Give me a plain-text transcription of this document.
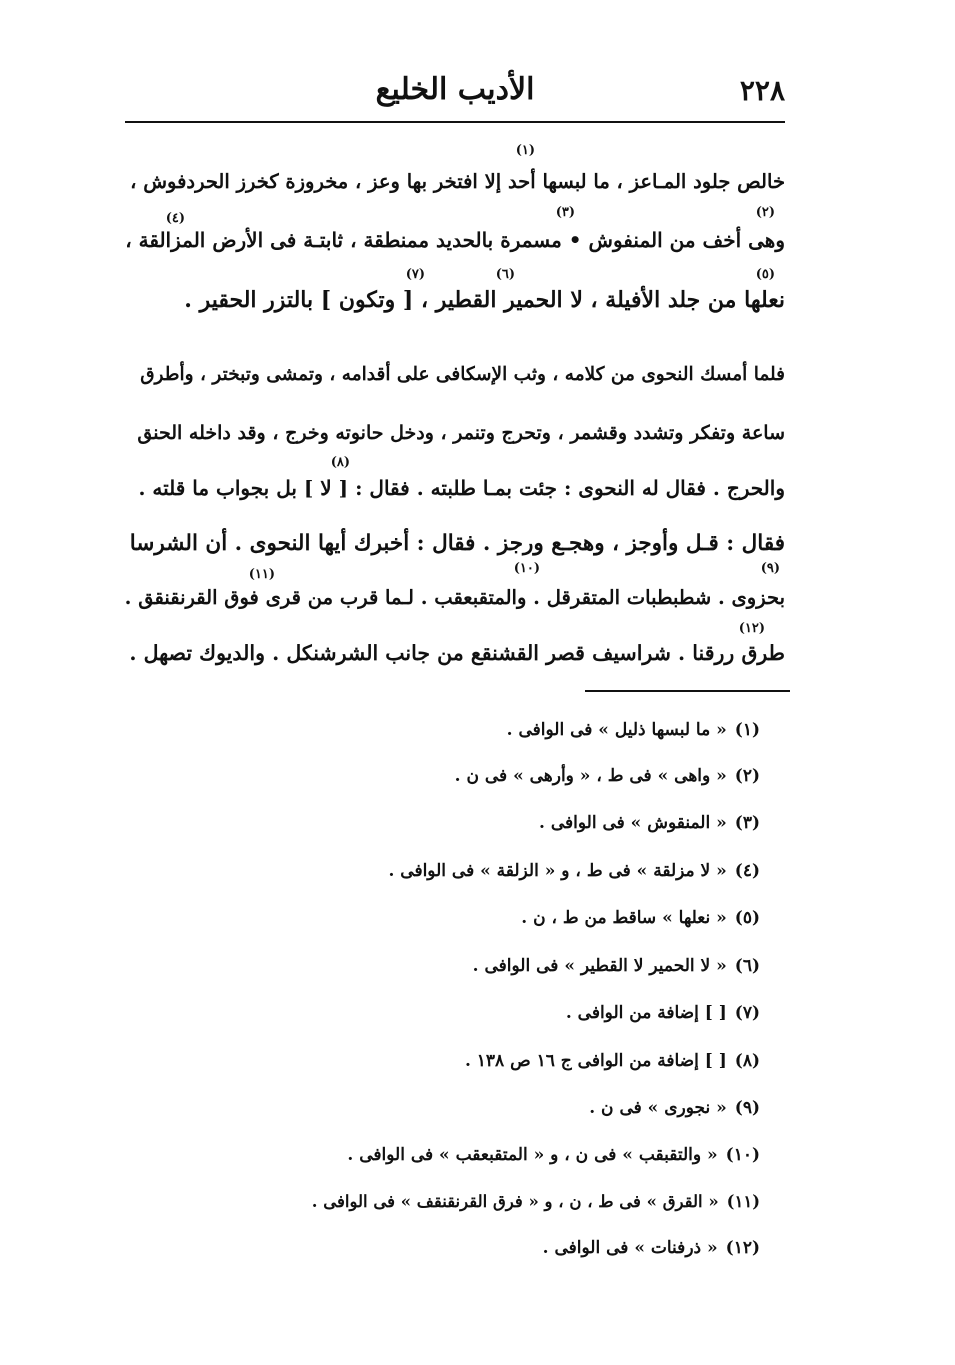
٢٢٨
الأديب الخليع
خالص جلود المـاعز ، ما لبسها أحد إلا افتخر بها وعز ، مخروزة كخرز الحردفوش ،
وهى أخف من المنفوش • مسمرة بالحديد ممنطقة ، ثابتـة فى الأرض المزالقة ،
نعلها من جلد الأفيلة ، لا الحمير القطير ، [ وتكون ] بالتزر الحقير .
فلما أمسك النحوى من كلامه ، وثب الإسكافى على أقدامه ، وتمشى وتبختر ، وأطرق
ساعة وتفكر وتشدد وقشمر ، وتحرج وتنمر ، ودخل حانوته وخرج ، وقد داخله الحنق
والحرج . فقال له النحوى : جئت بمـا طلبته . فقال : [ لا ] بل بجواب ما قلته .
فقال : قـل وأوجز ، وهجـع ورجز . فقال : أخبرك أيها النحوى . أن الشرسا
بحزوى . شطبطبات المتقرقل . والمتقبعقب . لـما قرب من قرى فوق القرنقنقق .
طرق ررقنا . شراسيف قصر القشنقع من جانب الشرشنكل . والديوك تصهل .
(١)
(٢)
(٣)
(٤)
(٥)
(٦)
(٧)
(٨)
(٩)
(١٠)
(١١)
(١٢)
(١)« ما لبسها ذليل » فى الوافى .
(٢)« واهى » فى ط ، « وأرهى » فى ن .
(٣)« المنقوش » فى الوافى .
(٤)« لا مزلقة » فى ط ، و « الزلقة » فى الوافى .
(٥)« نعلها » ساقط من ط ، ن .
(٦)« لا الحمير لا القطير » فى الوافى .
(٧)[ ] إضافة من الوافى .
(٨)[ ] إضافة من الوافى ج ١٦ ص ١٣٨ .
(٩)« نجورى » فى ن .
(١٠)« والتقبقب » فى ن ، و « المتقبعقب » فى الوافى .
(١١)« القرق » فى ط ، ن ، و « فرق القرنقنقف » فى الوافى .
(١٢)« ذرفنات » فى الوافى .
